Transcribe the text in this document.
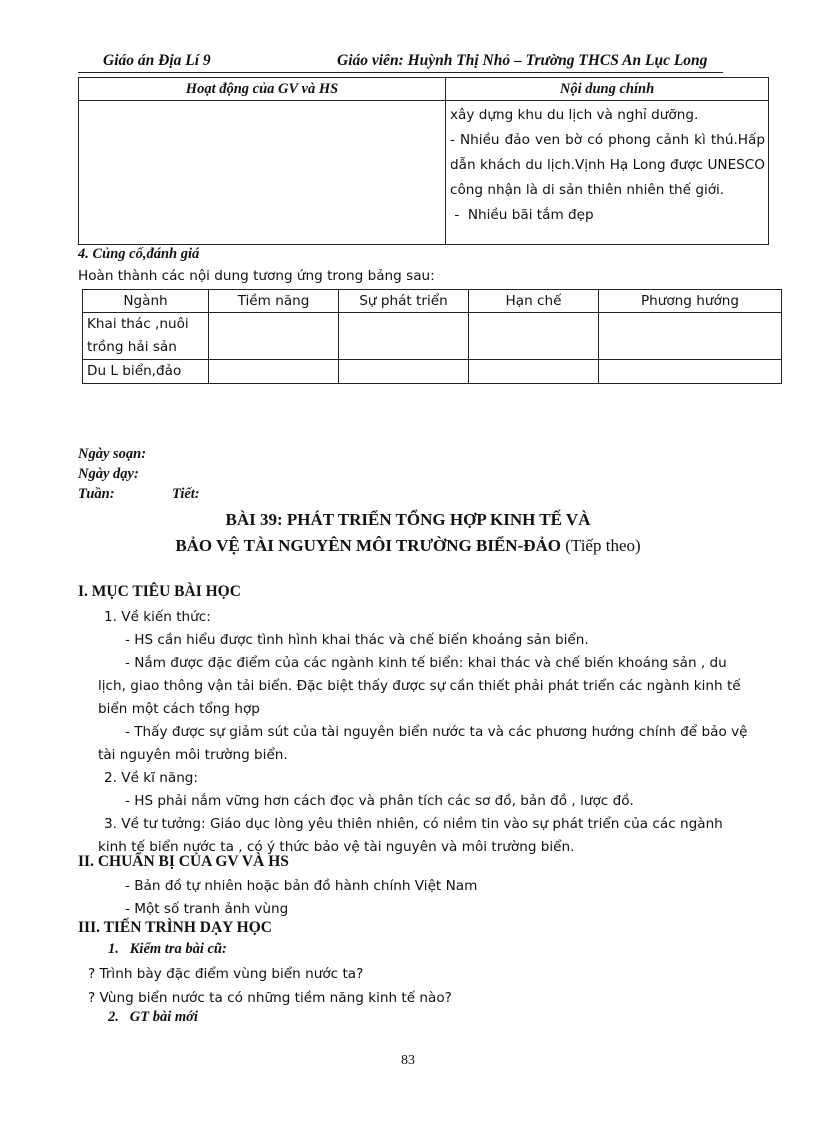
Giáo án Địa Lí 9	Giáo viên: Huỳnh Thị Nhỏ – Trường THCS An Lục Long
Hoạt động của GV và HS	Nội dung chính

	xây dựng khu du lịch và nghỉ dưỡng.
- Nhiều đảo ven bờ có phong cảnh kì thú.Hấp dẫn khách du lịch.Vịnh Hạ Long được UNESCO công nhận là di sản thiên nhiên thế giới.
-  Nhiều bãi tắm đẹp
4. Củng cố,đánh giá
Hoàn thành các nội dung tương ứng trong bảng sau:
Ngành	Tiềm năng	Sự phát triển	Hạn chế	Phương hướng
Khai thác ,nuôi trồng hải sản				
Du L biển,đảo				
Ngày soạn:
Ngày dạy:
Tuần:	Tiết:
BÀI 39: PHÁT TRIỂN TỔNG HỢP KINH TẾ VÀ
BẢO VỆ TÀI NGUYÊN MÔI TRƯỜNG BIỂN-ĐẢO (Tiếp theo)
I. MỤC TIÊU BÀI HỌC
1. Về kiến thức:
- HS cần hiểu được tình hình khai thác và chế biến khoáng sản biển.
- Nắm được đặc điểm của các ngành kinh tế biển: khai thác và chế biến khoáng sản , du lịch, giao thông vận tải biển. Đặc biệt thấy được sự cần thiết phải phát triển các ngành kinh tế biển một cách tổng hợp
- Thấy được sự giảm sút của tài nguyên biển nước ta và các phương hướng chính để bảo vệ tài nguyên môi trường biển.
2. Về kĩ năng:
- HS phải nắm vững hơn cách đọc và phân tích các sơ đồ, bản đồ , lược đồ.
3. Về tư tưởng: Giáo dục lòng yêu thiên nhiên, có niềm tin vào sự phát triển của các ngành kinh tế biển nước ta , có ý thức bảo vệ tài nguyên và môi trường biển.
II. CHUẨN BỊ CỦA GV VÀ HS
- Bản đồ tự nhiên hoặc bản đồ hành chính Việt Nam
- Một số tranh ảnh vùng
III. TIẾN TRÌNH DẠY HỌC
1.   Kiểm tra bài cũ:
? Trình bày đặc điểm vùng biển nước ta?
? Vùng biển nước ta có những tiềm năng kinh tế nào?
2.   GT bài mới
83
